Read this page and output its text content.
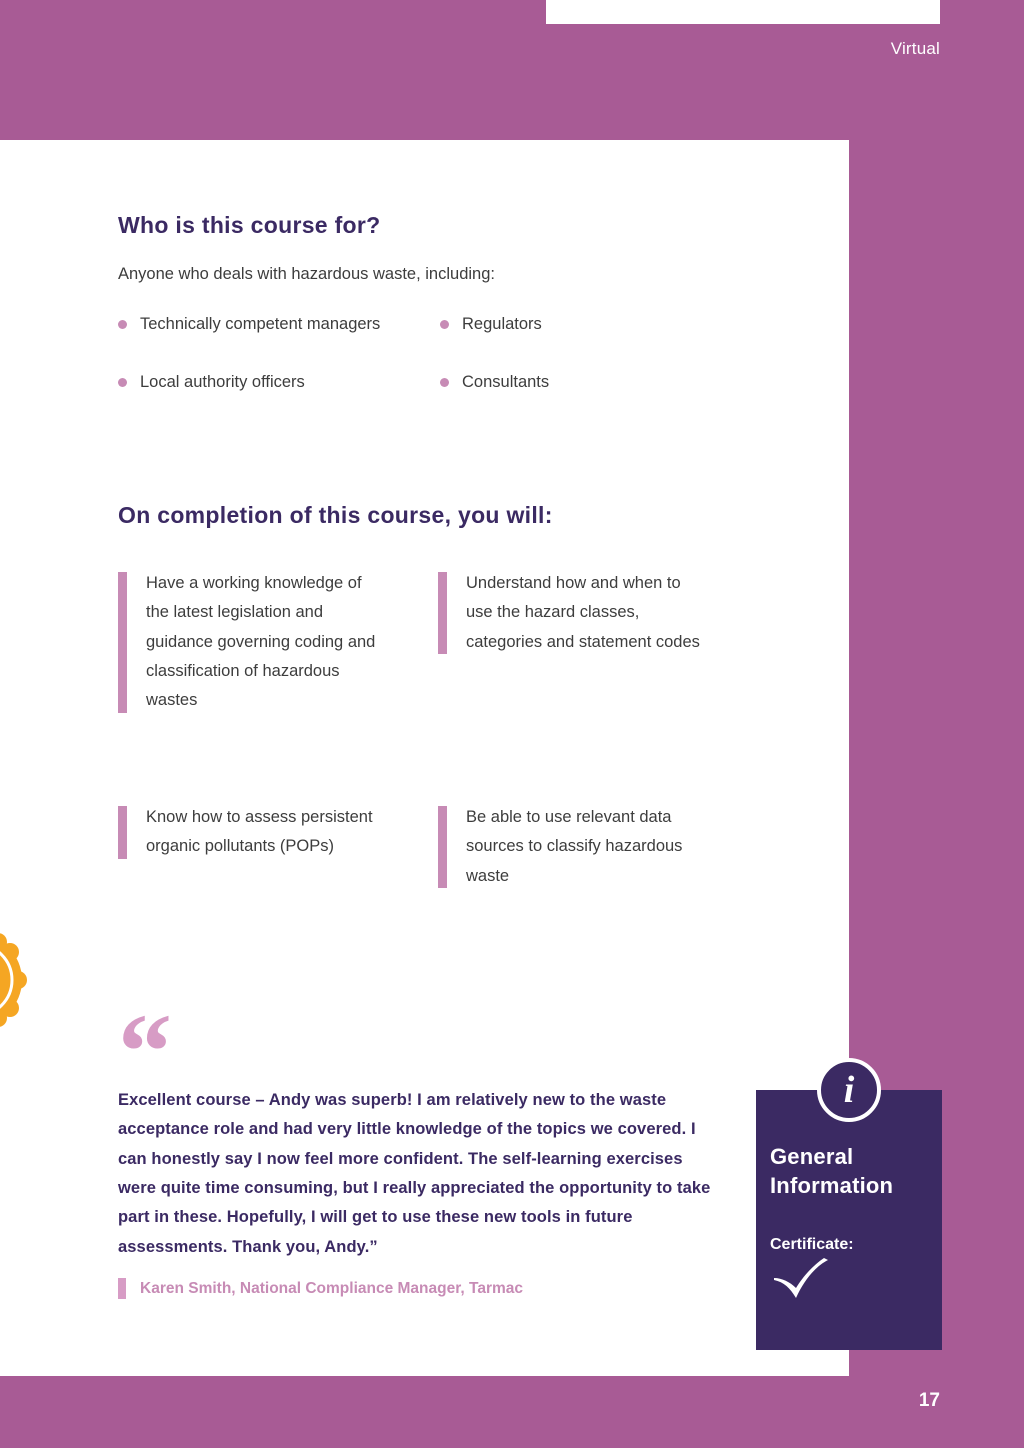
Virtual
Who is this course for?

Anyone who deals with hazardous waste, including:

Technically competent managers
Local authority officers
Regulators
Consultants
On completion of this course, you will:
Have a working knowledge of the latest legislation and guidance governing coding and classification of hazardous wastes
Understand how and when to use the hazard classes, categories and statement codes
Know how to assess persistent organic pollutants (POPs)
Be able to use relevant data sources to classify hazardous waste
“
Excellent course – Andy was superb! I am relatively new to the waste acceptance role and had very little knowledge of the topics we covered. I can honestly say I now feel more confident. The self-learning exercises were quite time consuming, but I really appreciated the opportunity to take part in these. Hopefully, I will get to use these new tools in future assessments. Thank you, Andy.”
Karen Smith, National Compliance Manager, Tarmac
i
General Information
Certificate:
17
